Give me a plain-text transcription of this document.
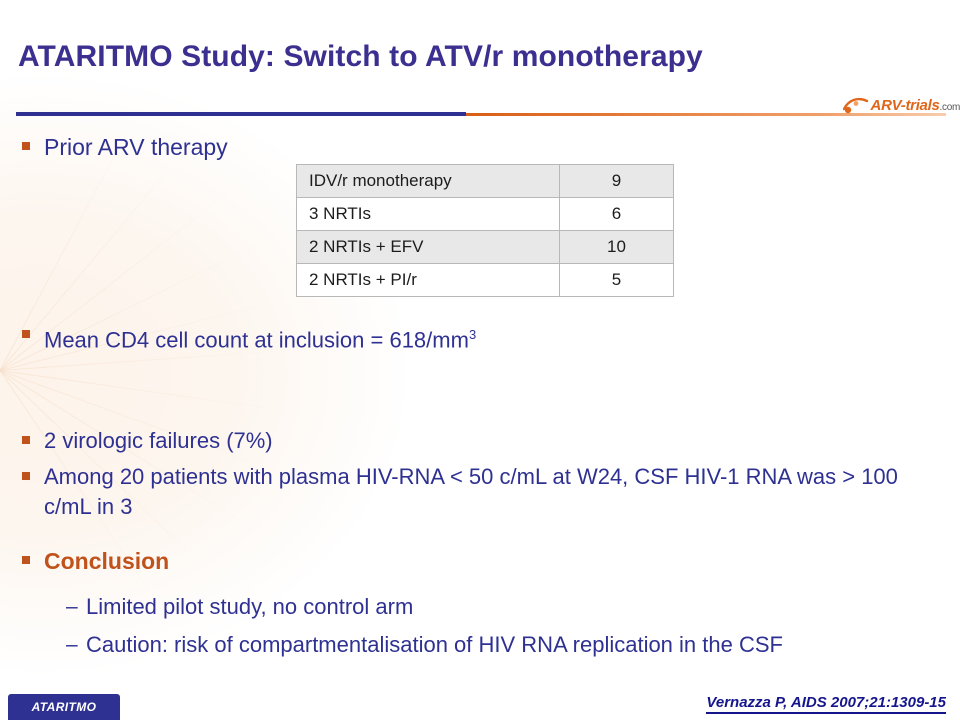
ATARITMO Study: Switch to ATV/r monotherapy
ARV-trials.com
Prior ARV therapy
IDV/r monotherapy	9
3 NRTIs	6
2 NRTIs + EFV	10
2 NRTIs + PI/r	5
Mean CD4 cell count at inclusion = $618/mm^3$
2 virologic failures (7%)
Among 20 patients with plasma HIV-RNA < 50 c/mL at W24, CSF HIV-1 RNA was > 100 c/mL in 3
Conclusion
– Limited pilot study, no control arm
– Caution: risk of compartmentalisation of HIV RNA replication in the CSF
ATARITMO	Vernazza P, AIDS 2007;21:1309-15
